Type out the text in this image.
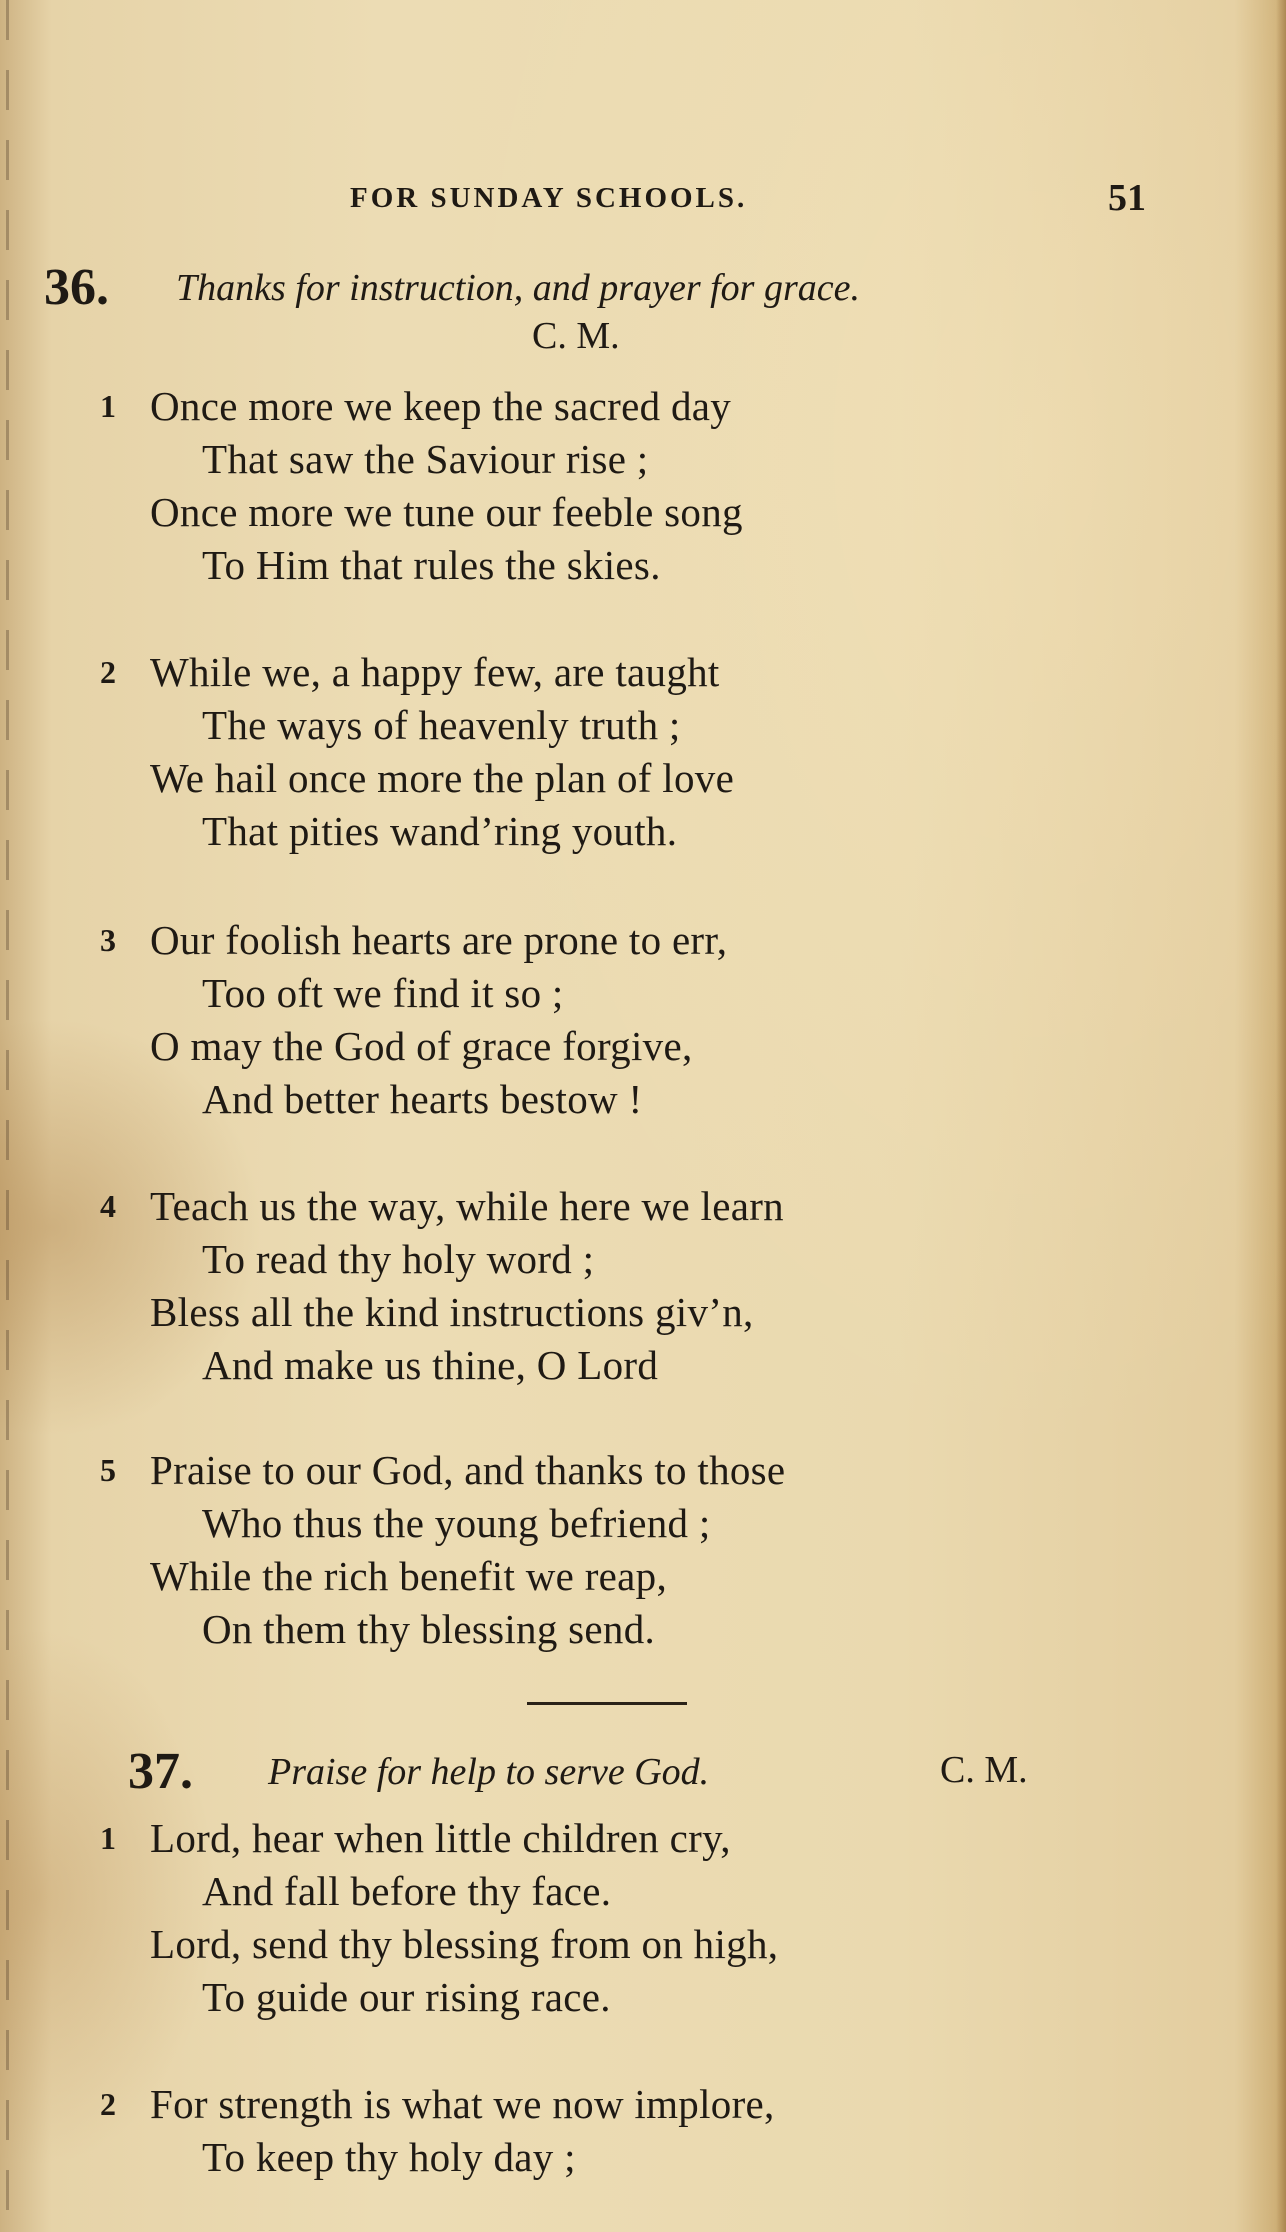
FOR SUNDAY SCHOOLS.	51
36. Thanks for instruction, and prayer for grace.
C. M.
1 Once more we keep the sacred day
That saw the Saviour rise ;
Once more we tune our feeble song
To Him that rules the skies.
2 While we, a happy few, are taught
The ways of heavenly truth ;
We hail once more the plan of love
That pities wand’ring youth.
3 Our foolish hearts are prone to err,
Too oft we find it so ;
O may the God of grace forgive,
And better hearts bestow !
4 Teach us the way, while here we learn
To read thy holy word ;
Bless all the kind instructions giv’n,
And make us thine, O Lord
5 Praise to our God, and thanks to those
Who thus the young befriend ;
While the rich benefit we reap,
On them thy blessing send.
37. Praise for help to serve God.	C. M.
1 Lord, hear when little children cry,
And fall before thy face.
Lord, send thy blessing from on high,
To guide our rising race.
2 For strength is what we now implore,
To keep thy holy day ;
